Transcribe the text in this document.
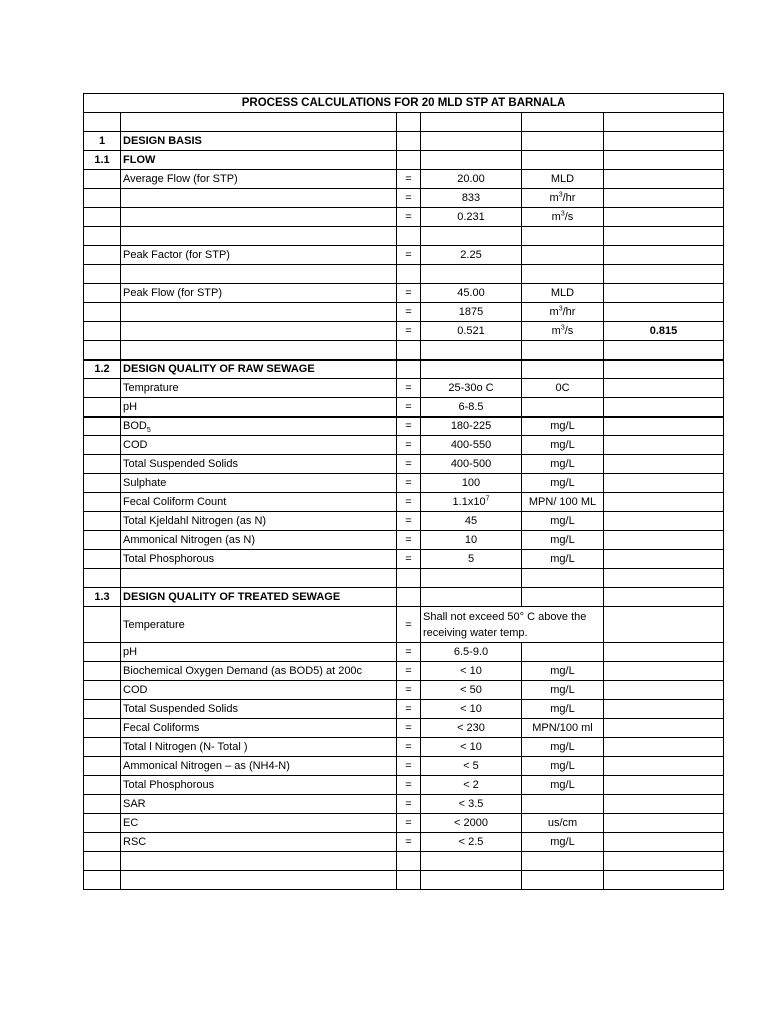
PROCESS CALCULATIONS FOR 20 MLD STP AT BARNALA					

1	DESIGN BASIS				
1.1	FLOW				
	Average Flow (for STP)	=	20.00	MLD	
		=	833	$m^3/hr$	
		=	0.231	$m^3/s$	

	Peak Factor (for STP)	=	2.25		

	Peak Flow (for STP)	=	45.00	MLD	
		=	1875	$m^3/hr$	
		=	0.521	$m^3/s$	0.815

1.2	DESIGN QUALITY OF RAW SEWAGE				
	Temprature	=	25-30o C	0C	
	pH	=	6-8.5		
	$BOD_5$	=	180-225	mg/L	
	COD	=	400-550	mg/L	
	Total Suspended Solids	=	400-500	mg/L	
	Sulphate	=	100	mg/L	
	Fecal Coliform Count	=	$1.1x10^7$	MPN/ 100 ML	
	Total Kjeldahl Nitrogen (as N)	=	45	mg/L	
	Ammonical Nitrogen (as N)	=	10	mg/L	
	Total Phosphorous	=	5	mg/L	

1.3	DESIGN QUALITY OF TREATED SEWAGE				
	Temperature	=	Shall not exceed 50° C above the receiving water temp.		
	pH	=	6.5-9.0		
	Biochemical Oxygen Demand (as BOD5) at 200c	=	< 10	mg/L	
	COD	=	< 50	mg/L	
	Total Suspended Solids	=	< 10	mg/L	
	Fecal Coliforms	=	< 230	MPN/100 ml	
	Total l Nitrogen (N- Total )	=	< 10	mg/L	
	Ammonical Nitrogen – as (NH4-N)	=	< 5	mg/L	
	Total Phosphorous	=	< 2	mg/L	
	SAR	=	< 3.5		
	EC	=	< 2000	us/cm	
	RSC	=	< 2.5	mg/L	
